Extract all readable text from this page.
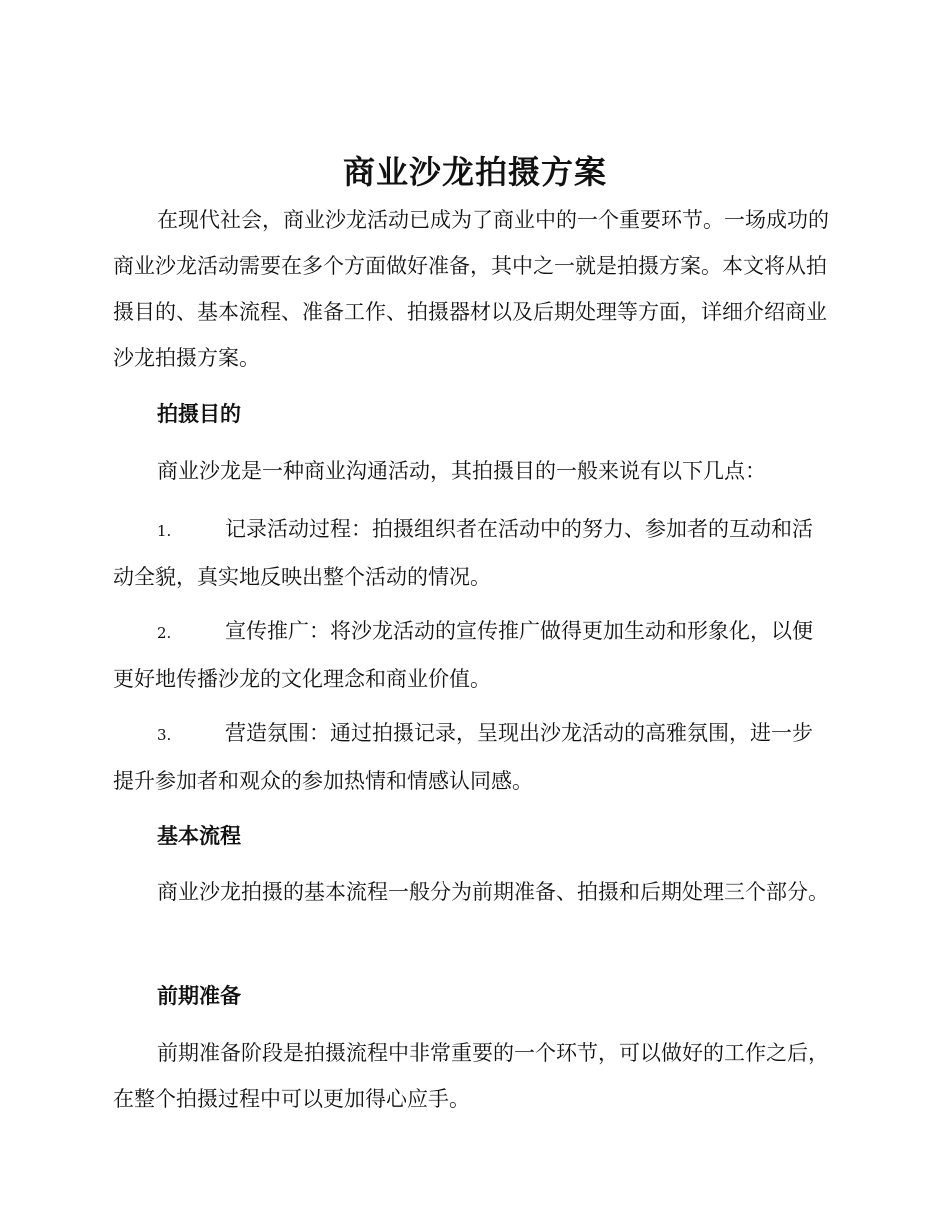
商业沙龙拍摄方案

在现代社会，商业沙龙活动已成为了商业中的一个重要环节。一场成功的商业沙龙活动需要在多个方面做好准备，其中之一就是拍摄方案。本文将从拍摄目的、基本流程、准备工作、拍摄器材以及后期处理等方面，详细介绍商业沙龙拍摄方案。

拍摄目的

商业沙龙是一种商业沟通活动，其拍摄目的一般来说有以下几点：

1.	记录活动过程：拍摄组织者在活动中的努力、参加者的互动和活动全貌，真实地反映出整个活动的情况。

2.	宣传推广：将沙龙活动的宣传推广做得更加生动和形象化，以便更好地传播沙龙的文化理念和商业价值。

3.	营造氛围：通过拍摄记录，呈现出沙龙活动的高雅氛围，进一步提升参加者和观众的参加热情和情感认同感。

基本流程

商业沙龙拍摄的基本流程一般分为前期准备、拍摄和后期处理三个部分。

前期准备

前期准备阶段是拍摄流程中非常重要的一个环节，可以做好的工作之后，在整个拍摄过程中可以更加得心应手。
